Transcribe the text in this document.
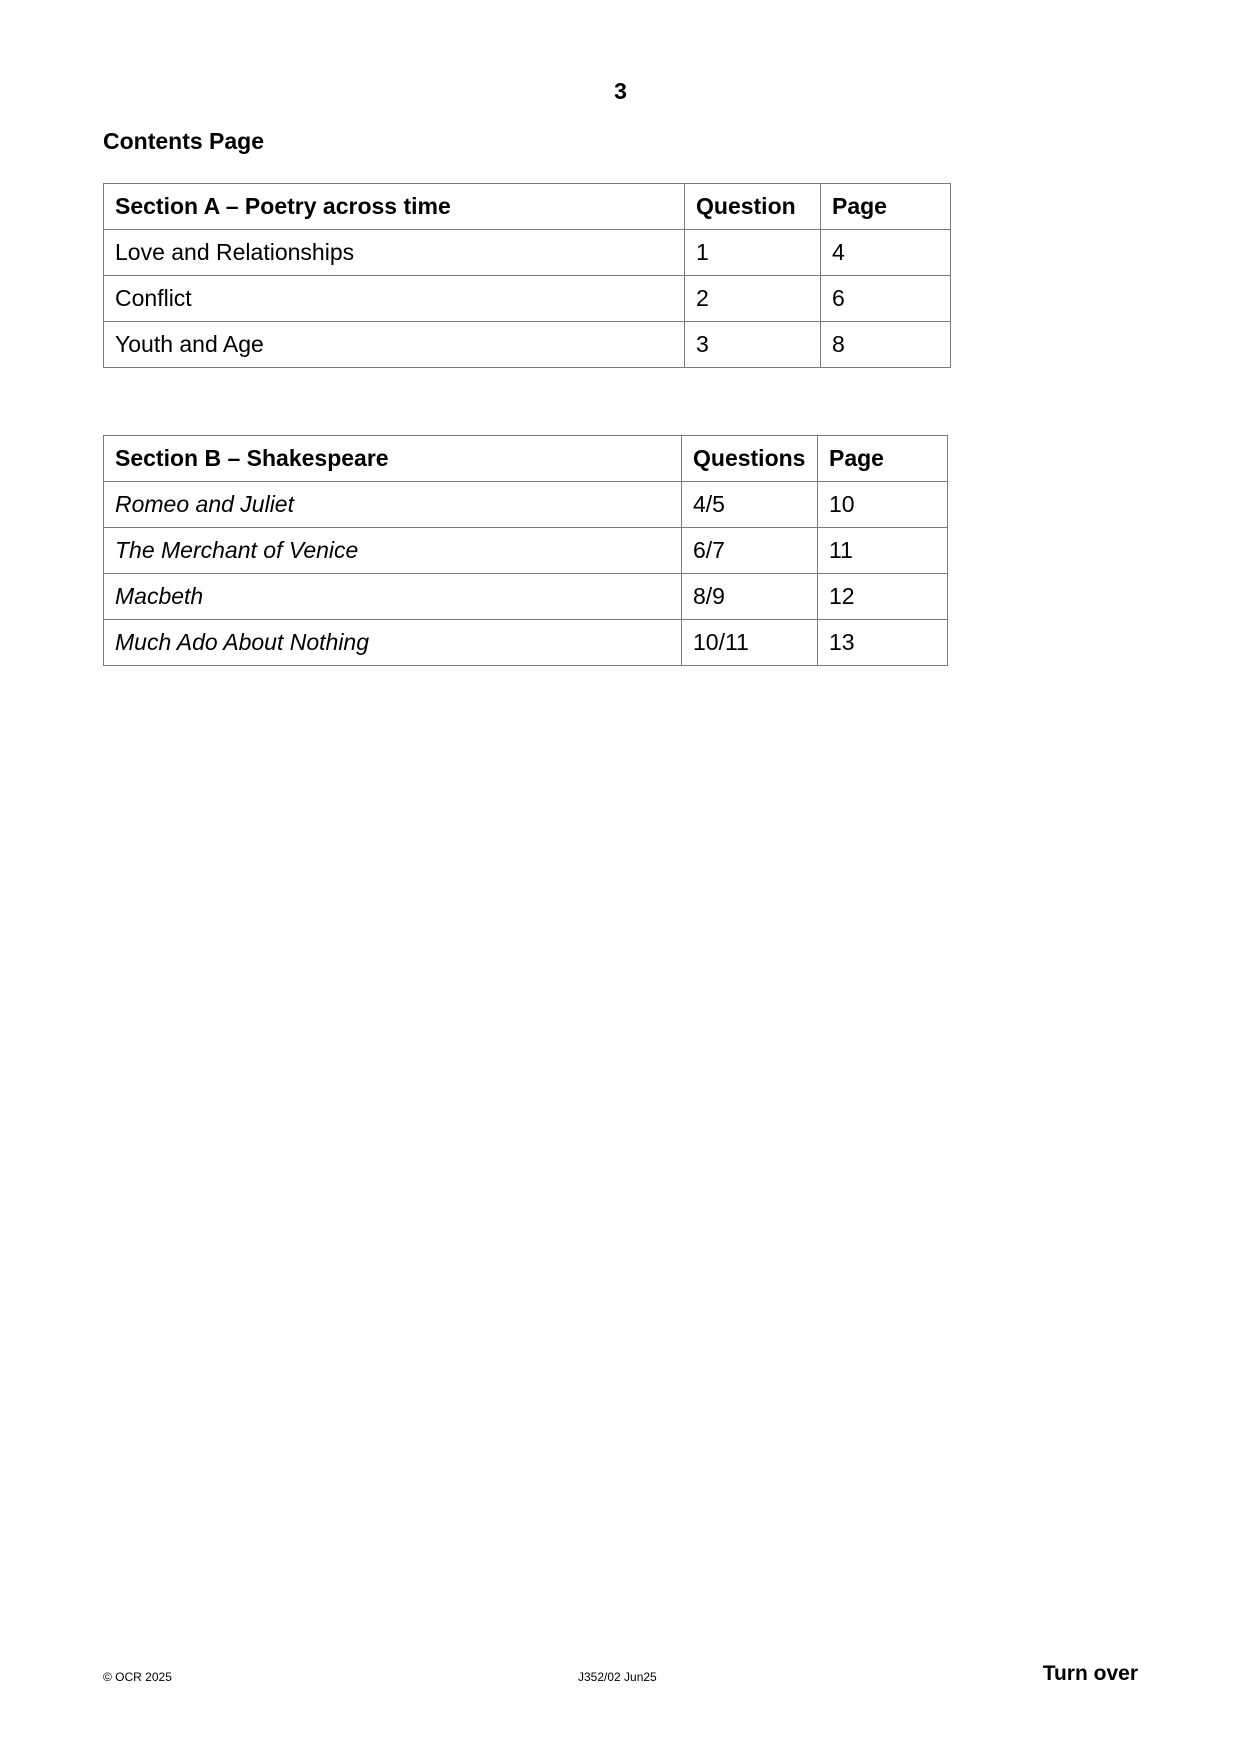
3
Contents Page
Section A – Poetry across time	Question	Page
Love and Relationships	1	4
Conflict	2	6
Youth and Age	3	8
Section B – Shakespeare	Questions	Page
Romeo and Juliet	4/5	10
The Merchant of Venice	6/7	11
Macbeth	8/9	12
Much Ado About Nothing	10/11	13
© OCR 2025	J352/02 Jun25	Turn over
